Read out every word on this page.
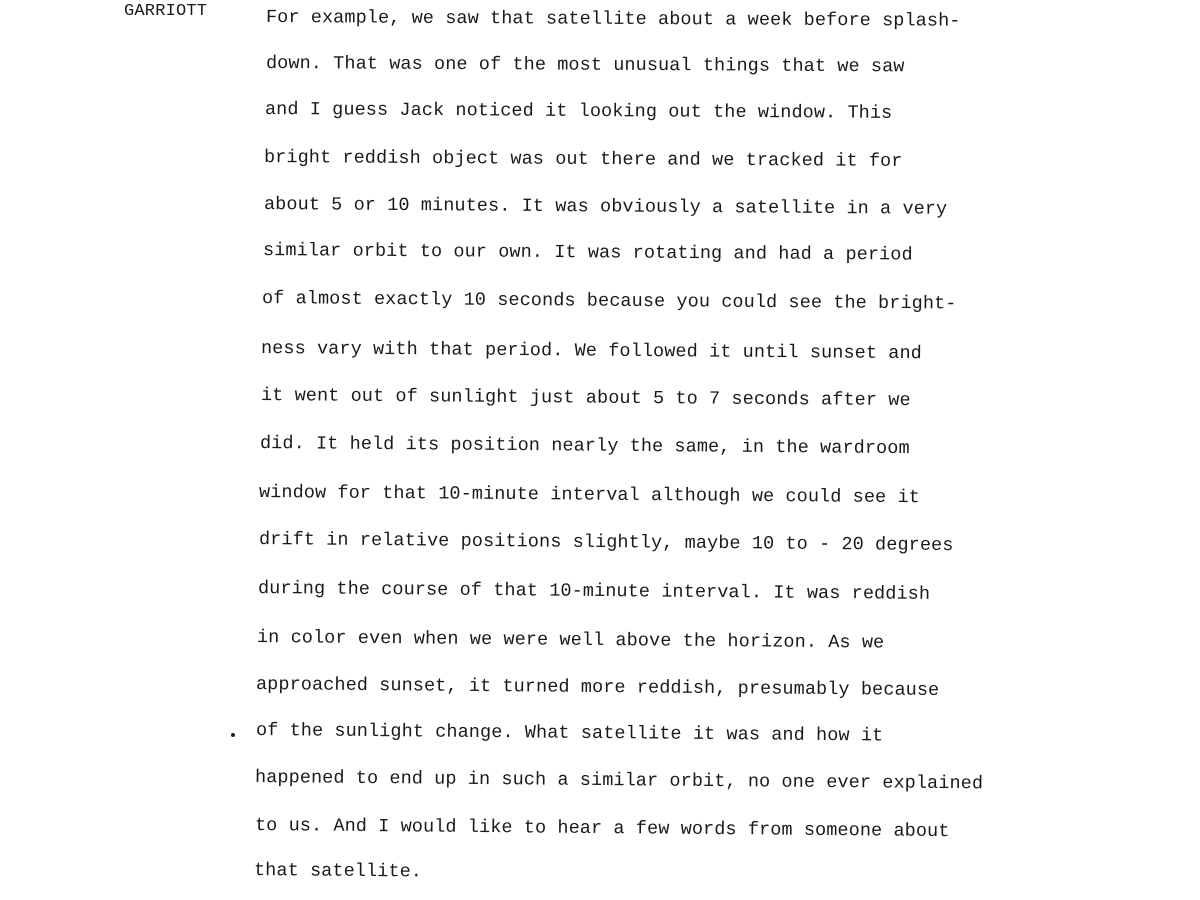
GARRIOTT	For example, we saw that satellite about a week before splash-
down. That was one of the most unusual things that we saw
and I guess Jack noticed it looking out the window. This
bright reddish object was out there and we tracked it for
about 5 or 10 minutes. It was obviously a satellite in a very
similar orbit to our own. It was rotating and had a period
of almost exactly 10 seconds because you could see the bright-
ness vary with that period. We followed it until sunset and
it went out of sunlight just about 5 to 7 seconds after we
did. It held its position nearly the same, in the wardroom
window for that 10-minute interval although we could see it
drift in relative positions slightly, maybe 10 to - 20 degrees
during the course of that 10-minute interval. It was reddish
in color even when we were well above the horizon. As we
approached sunset, it turned more reddish, presumably because
of the sunlight change. What satellite it was and how it
happened to end up in such a similar orbit, no one ever explained
to us. And I would like to hear a few words from someone about
that satellite.
